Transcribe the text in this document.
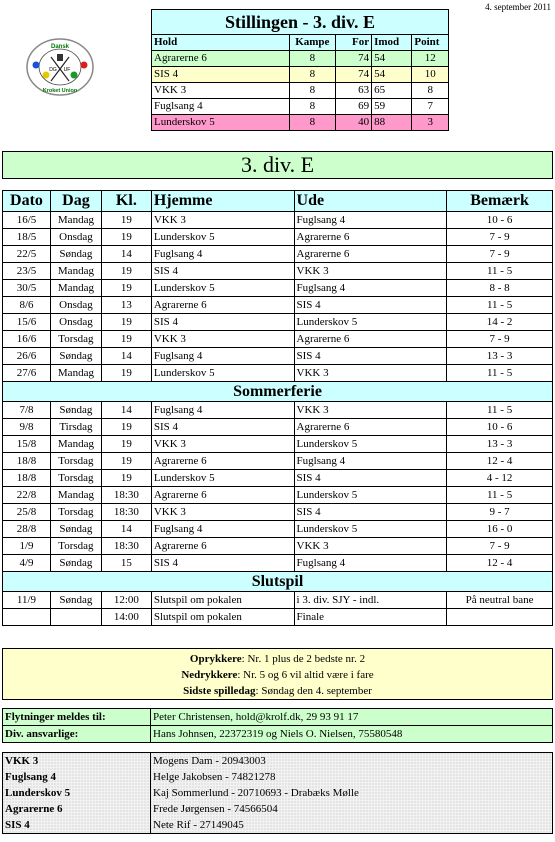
4. september 2011
Dansk
DG UF
Kroket Union
Stillingen - 3. div. E				
Hold	Kampe	For	Imod	Point
Agrarerne 6	8	74	54	12
SIS 4	8	74	54	10
VKK 3	8	63	65	8
Fuglsang 4	8	69	59	7
Lunderskov 5	8	40	88	3
3. div. E
Dato	Dag	Kl.	Hjemme	Ude	Bemærk
16/5	Mandag	19	VKK 3	Fuglsang 4	10 - 6
18/5	Onsdag	19	Lunderskov 5	Agrarerne 6	7 - 9
22/5	Søndag	14	Fuglsang 4	Agrarerne 6	7 - 9
23/5	Mandag	19	SIS 4	VKK 3	11 - 5
30/5	Mandag	19	Lunderskov 5	Fuglsang 4	8 - 8
8/6	Onsdag	13	Agrarerne 6	SIS 4	11 - 5
15/6	Onsdag	19	SIS 4	Lunderskov 5	14 - 2
16/6	Torsdag	19	VKK 3	Agrarerne 6	7 - 9
26/6	Søndag	14	Fuglsang 4	SIS 4	13 - 3
27/6	Mandag	19	Lunderskov 5	VKK 3	11 - 5
Sommerferie					
7/8	Søndag	14	Fuglsang 4	VKK 3	11 - 5
9/8	Tirsdag	19	SIS 4	Agrarerne 6	10 - 6
15/8	Mandag	19	VKK 3	Lunderskov 5	13 - 3
18/8	Torsdag	19	Agrarerne 6	Fuglsang 4	12 - 4
18/8	Torsdag	19	Lunderskov 5	SIS 4	4 - 12
22/8	Mandag	18:30	Agrarerne 6	Lunderskov 5	11 - 5
25/8	Torsdag	18:30	VKK 3	SIS 4	9 - 7
28/8	Søndag	14	Fuglsang 4	Lunderskov 5	16 - 0
1/9	Torsdag	18:30	Agrarerne 6	VKK 3	7 - 9
4/9	Søndag	15	SIS 4	Fuglsang 4	12 - 4
Slutspil					
11/9	Søndag	12:00	Slutspil om pokalen	i 3. div. SJY - indl.	På neutral bane
		14:00	Slutspil om pokalen	Finale	
Oprykkere: Nr. 1 plus de 2 bedste nr. 2
Nedrykkere: Nr. 5 og 6 vil altid være i fare
Sidste spilledag: Søndag den 4. september
Flytninger meldes til:	Peter Christensen, hold@krolf.dk, 29 93 91 17
Div. ansvarlige:	Hans Johnsen, 22372319 og Niels O. Nielsen, 75580548
VKK 3	Mogens Dam - 20943003
Fuglsang 4	Helge Jakobsen - 74821278
Lunderskov 5	Kaj Sommerlund - 20710693 - Drabæks Mølle
Agrarerne 6	Frede Jørgensen - 74566504
SIS 4	Nete Rif - 27149045
